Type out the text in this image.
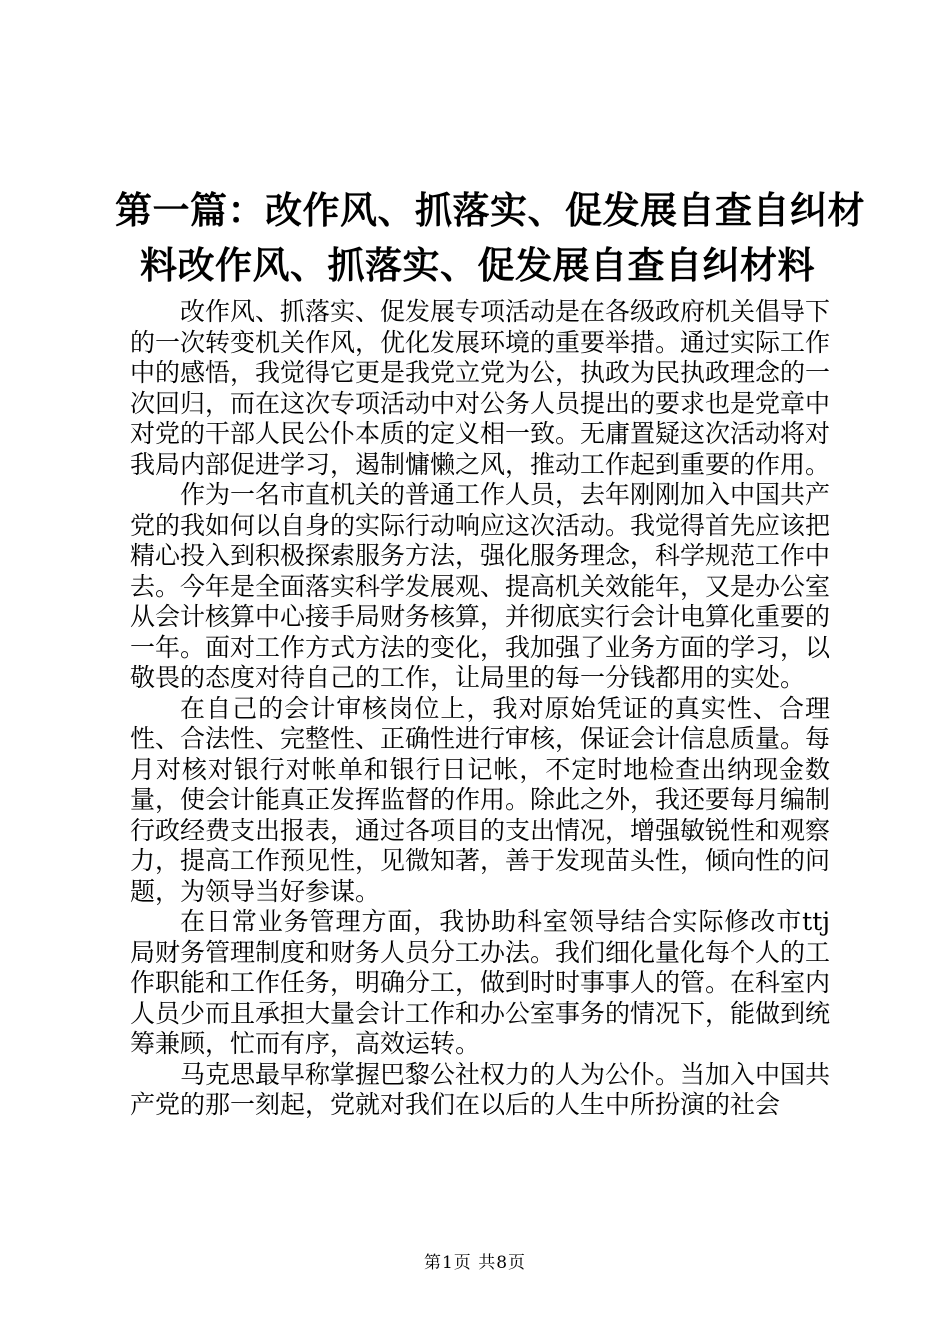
第一篇：改作风、抓落实、促发展自查自纠材
料改作风、抓落实、促发展自查自纠材料

改作风、抓落实、促发展专项活动是在各级政府机关倡导下的一次转变机关作风，优化发展环境的重要举措。通过实际工作中的感悟，我觉得它更是我党立党为公，执政为民执政理念的一次回归，而在这次专项活动中对公务人员提出的要求也是党章中对党的干部人民公仆本质的定义相一致。无庸置疑这次活动将对我局内部促进学习，遏制慵懒之风，推动工作起到重要的作用。

作为一名市直机关的普通工作人员，去年刚刚加入中国共产党的我如何以自身的实际行动响应这次活动。我觉得首先应该把精心投入到积极探索服务方法，强化服务理念，科学规范工作中去。今年是全面落实科学发展观、提高机关效能年，又是办公室从会计核算中心接手局财务核算，并彻底实行会计电算化重要的一年。面对工作方式方法的变化，我加强了业务方面的学习，以敬畏的态度对待自己的工作，让局里的每一分钱都用的实处。

在自己的会计审核岗位上，我对原始凭证的真实性、合理性、合法性、完整性、正确性进行审核，保证会计信息质量。每月对核对银行对帐单和银行日记帐，不定时地检查出纳现金数量，使会计能真正发挥监督的作用。除此之外，我还要每月编制行政经费支出报表，通过各项目的支出情况，增强敏锐性和观察力，提高工作预见性，见微知著，善于发现苗头性，倾向性的问题，为领导当好参谋。

在日常业务管理方面，我协助科室领导结合实际修改市ttj局财务管理制度和财务人员分工办法。我们细化量化每个人的工作职能和工作任务，明确分工，做到时时事事人的管。在科室内人员少而且承担大量会计工作和办公室事务的情况下，能做到统筹兼顾，忙而有序，高效运转。

马克思最早称掌握巴黎公社权力的人为公仆。当加入中国共产党的那一刻起，党就对我们在以后的人生中所扮演的社会

第1页 共8页
